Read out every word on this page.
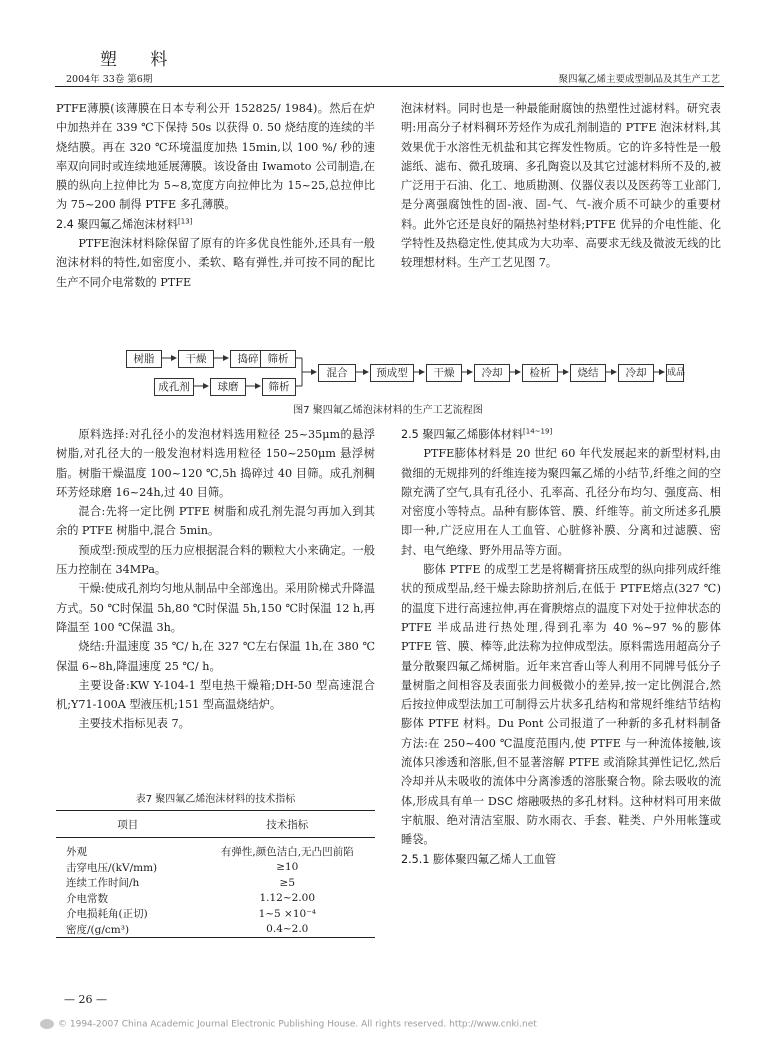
塑 料
2004年 33卷 第6期	聚四氟乙烯主要成型制品及其生产工艺

PTFE薄膜(该薄膜在日本专利公开 152825/ 1984)。然后在炉中加热并在 339 ℃下保持 50s 以获得 0. 50 烧结度的连续的半烧结膜。再在 320 ℃环境温度加热 15min,以 100 %/ 秒的速率双向同时或连续地延展薄膜。该设备由 Iwamoto 公司制造,在膜的纵向上拉伸比为 5~8,宽度方向拉伸比为 15~25,总拉伸比为 75~200 制得 PTFE 多孔薄膜。

2.4 聚四氟乙烯泡沫材料[13]

PTFE泡沫材料除保留了原有的许多优良性能外,还具有一般泡沫材料的特性,如密度小、柔软、略有弹性,并可按不同的配比生产不同介电常数的 PTFE

泡沫材料。同时也是一种最能耐腐蚀的热塑性过滤材料。研究表明:用高分子材料稠环芳烃作为成孔剂制造的 PTFE 泡沫材料,其效果优于水溶性无机盐和其它挥发性物质。它的许多特性是一般滤纸、滤布、微孔玻璃、多孔陶瓷以及其它过滤材料所不及的,被广泛用于石油、化工、地质勘测、仪器仪表以及医药等工业部门,是分离强腐蚀性的固-液、固-气、气-液介质不可缺少的重要材料。此外它还是良好的隔热衬垫材料;PTFE 优异的介电性能、化学特性及热稳定性,使其成为大功率、高要求无线及微波无线的比较理想材料。生产工艺见图 7。

树脂	干燥	捣碎 筛析
成孔剂	球磨	筛析
混合	预成型	干燥	冷却	检析	烧结	冷却	成品
图7 聚四氟乙烯泡沫材料的生产工艺流程图

原料选择:对孔径小的发泡材料选用粒径 25~35μm的悬浮树脂,对孔径大的一般发泡材料选用粒径 150~250μm 悬浮树脂。树脂干燥温度 100~120 ℃,5h 捣碎过 40 目筛。成孔剂稠环芳烃球磨 16~24h,过 40 目筛。

混合:先将一定比例 PTFE 树脂和成孔剂先混匀再加入到其余的 PTFE 树脂中,混合 5min。

预成型:预成型的压力应根据混合料的颗粒大小来确定。一般压力控制在 34MPa。

干燥:使成孔剂均匀地从制品中全部逸出。采用阶梯式升降温方式。50 ℃时保温 5h,80 ℃时保温 5h,150 ℃时保温 12 h,再降温至 100 ℃保温 3h。

烧结:升温速度 35 ℃/ h,在 327 ℃左右保温 1h,在 380 ℃保温 6~8h,降温速度 25 ℃/ h。

主要设备:KW Y-104-1 型电热干燥箱;DH-50 型高速混合机;Y71-100A 型液压机;151 型高温烧结炉。

主要技术指标见表 7。

表7 聚四氟乙烯泡沫材料的技术指标
项目	技术指标
外观	有弹性,颜色洁白,无凸凹前陷
击穿电压/(kV/mm)	≥10
连续工作时间/h	≥5
介电常数	1.12~2.00
介电损耗角(正切)	1~5 ×10⁻⁴
密度/(g/cm³)	0.4~2.0

2.5 聚四氟乙烯膨体材料[14~19]

PTFE膨体材料是 20 世纪 60 年代发展起来的新型材料,由微细的无规排列的纤维连接为聚四氟乙烯的小结节,纤维之间的空隙充满了空气,具有孔径小、孔率高、孔径分布均匀、强度高、相对密度小等特点。品种有膨体管、膜、纤维等。前文所述多孔膜即一种,广泛应用在人工血管、心脏修补膜、分离和过滤膜、密封、电气绝缘、野外用品等方面。

膨体 PTFE 的成型工艺是将糊膏挤压成型的纵向排列成纤维状的预成型品,经干燥去除助挤剂后,在低于 PTFE熔点(327 ℃)的温度下进行高速拉伸,再在膏腴熔点的温度下对处于拉伸状态的 PTFE 半成品进行热处理,得到孔率为 40 %~97 %的膨体 PTFE 管、膜、棒等,此法称为拉伸成型法。原料需选用超高分子量分散聚四氟乙烯树脂。近年来宫香山等人利用不同牌号低分子量树脂之间相容及表面张力间极微小的差异,按一定比例混合,然后按拉伸成型法加工可制得云片状多孔结构和常规纤维结节结构膨体 PTFE 材料。Du Pont 公司报道了一种新的多孔材料制备方法:在 250~400 ℃温度范围内,使 PTFE 与一种流体接触,该流体只渗透和溶胀,但不显著溶解 PTFE 或消除其弹性记忆,然后冷却并从未吸收的流体中分离渗透的溶胀聚合物。除去吸收的流体,形成具有单一 DSC 熔融吸热的多孔材料。这种材料可用来做宇航服、绝对清洁室服、防水雨衣、手套、鞋类、户外用帐篷或睡袋。

2.5.1 膨体聚四氟乙烯人工血管

— 26 —
© 1994-2007 China Academic Journal Electronic Publishing House. All rights reserved. http://www.cnki.net
